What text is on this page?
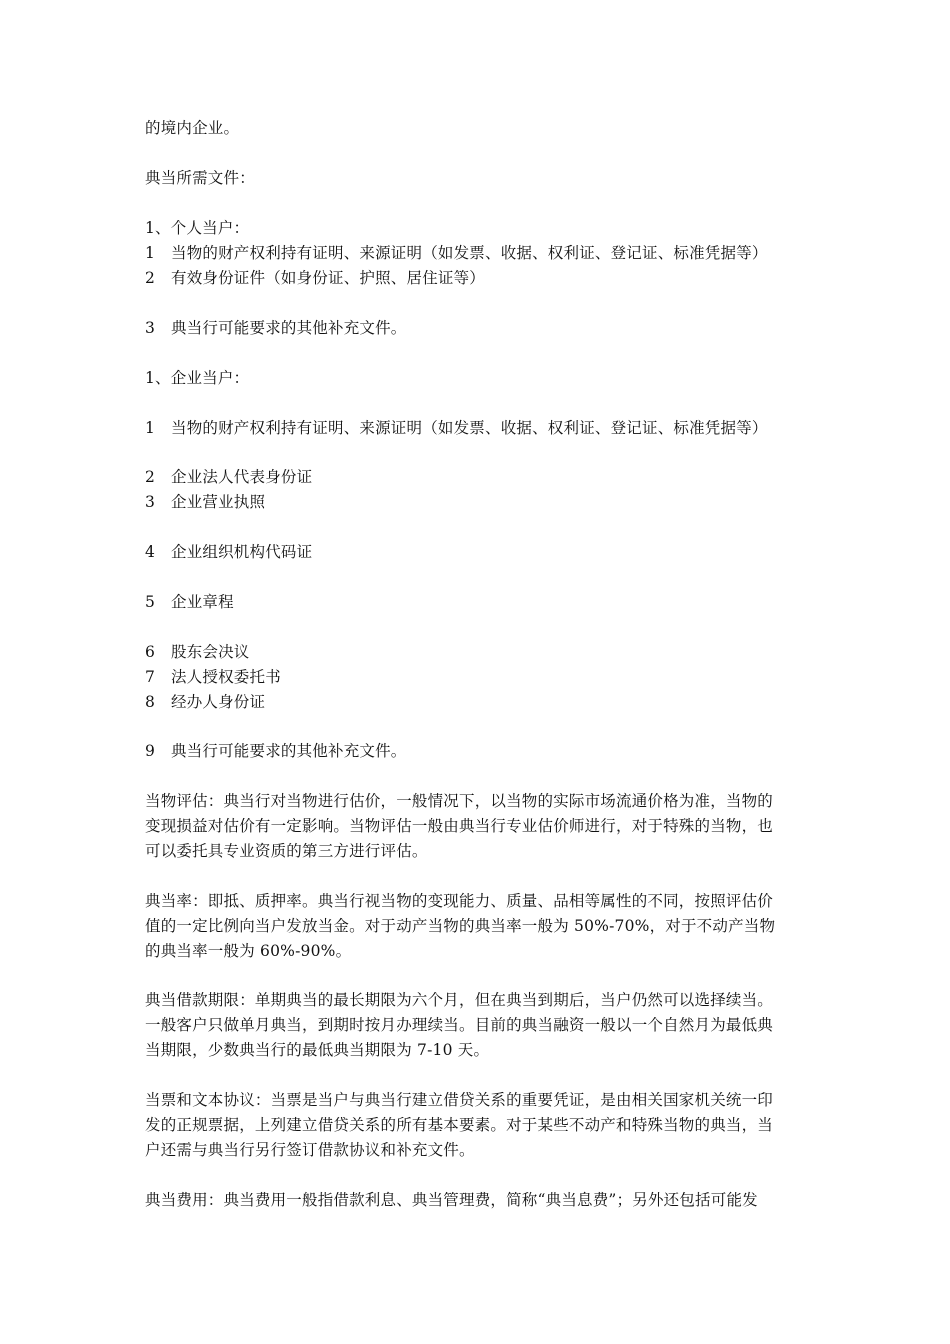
的境内企业。
典当所需文件：
1、个人当户：
1 当物的财产权利持有证明、来源证明（如发票、收据、权利证、登记证、标准凭据等）
2 有效身份证件（如身份证、护照、居住证等）
3 典当行可能要求的其他补充文件。
1、企业当户：
1 当物的财产权利持有证明、来源证明（如发票、收据、权利证、登记证、标准凭据等）
2 企业法人代表身份证
3 企业营业执照
4 企业组织机构代码证
5 企业章程
6 股东会决议
7 法人授权委托书
8 经办人身份证
9 典当行可能要求的其他补充文件。
当物评估：典当行对当物进行估价，一般情况下，以当物的实际市场流通价格为准，当物的
变现损益对估价有一定影响。当物评估一般由典当行专业估价师进行，对于特殊的当物，也
可以委托具专业资质的第三方进行评估。
典当率：即抵、质押率。典当行视当物的变现能力、质量、品相等属性的不同，按照评估价
值的一定比例向当户发放当金。对于动产当物的典当率一般为 50%-70%，对于不动产当物
的典当率一般为 60%-90%。
典当借款期限：单期典当的最长期限为六个月，但在典当到期后，当户仍然可以选择续当。
一般客户只做单月典当，到期时按月办理续当。目前的典当融资一般以一个自然月为最低典
当期限，少数典当行的最低典当期限为 7-10 天。
当票和文本协议：当票是当户与典当行建立借贷关系的重要凭证，是由相关国家机关统一印
发的正规票据，上列建立借贷关系的所有基本要素。对于某些不动产和特殊当物的典当，当
户还需与典当行另行签订借款协议和补充文件。
典当费用：典当费用一般指借款利息、典当管理费，简称“典当息费”；另外还包括可能发
